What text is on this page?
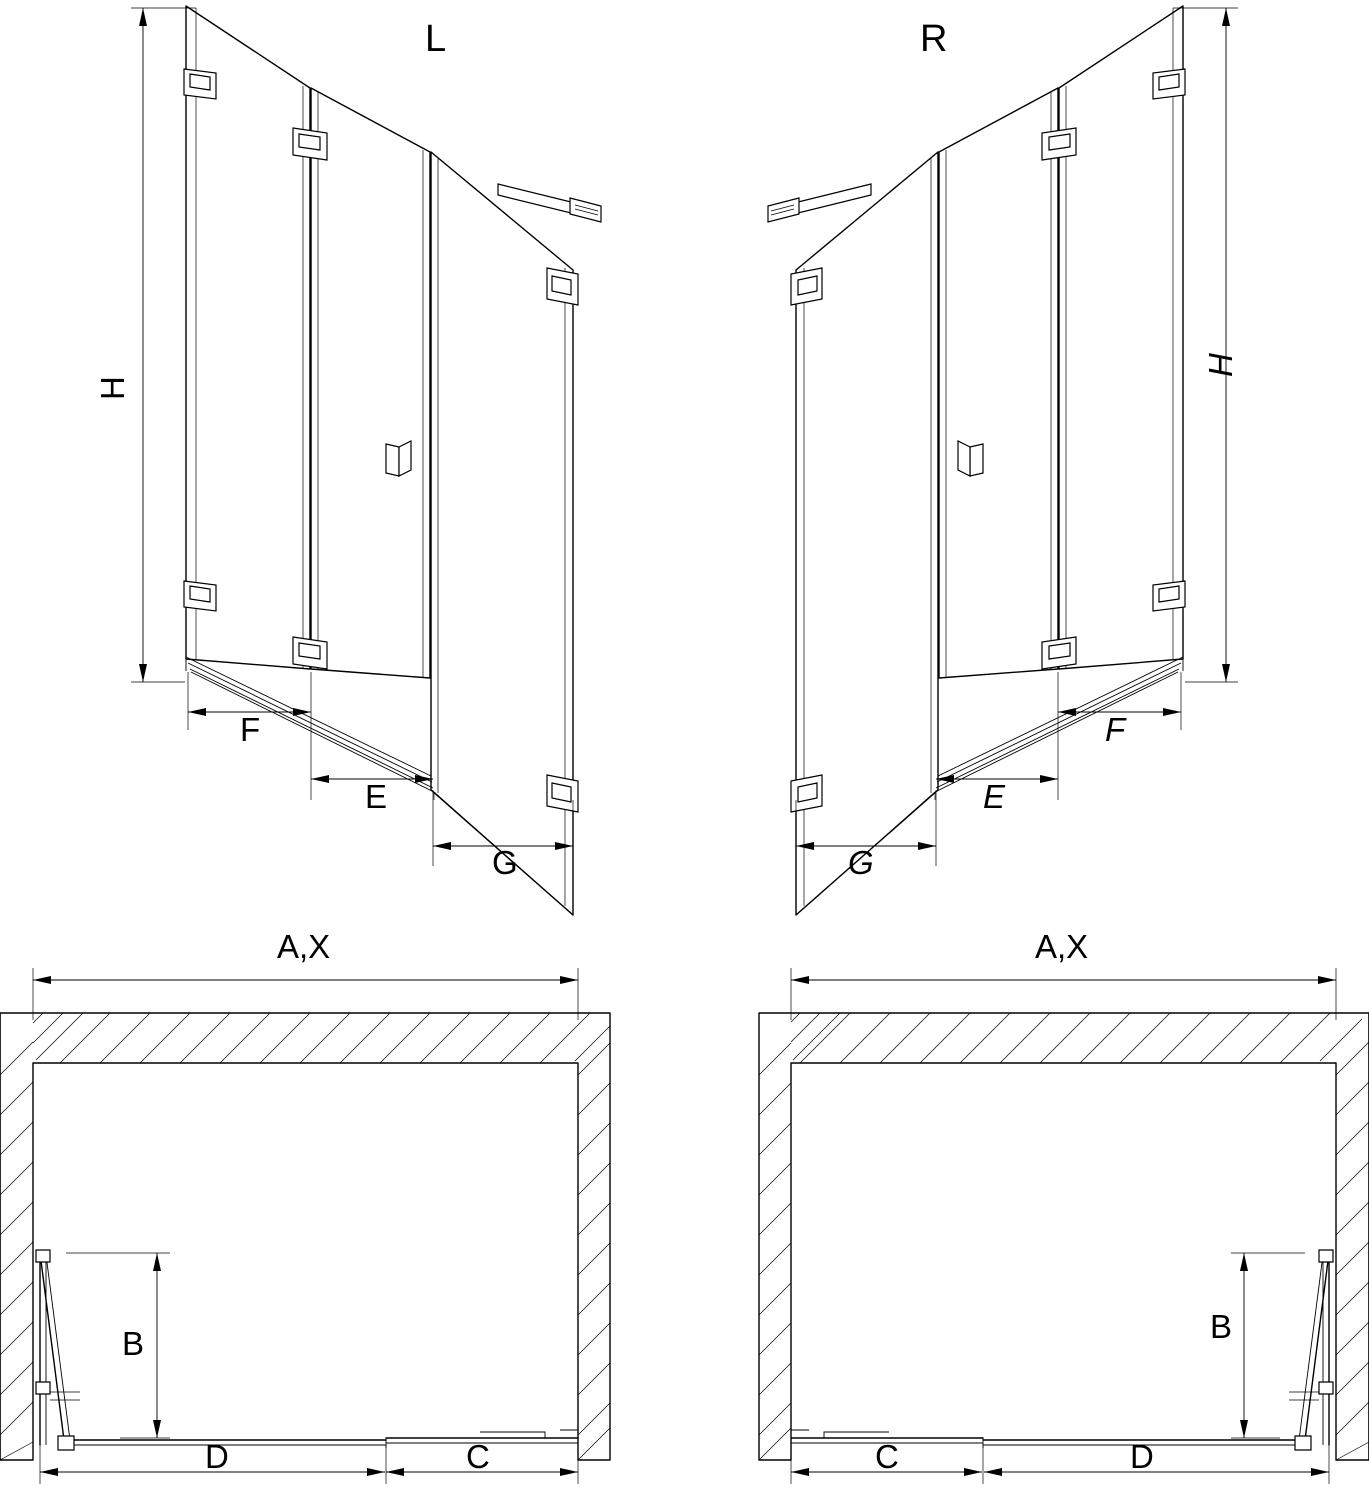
L	R
H
H
F
E
G
F
E
G
A,X	A,X
B	B
D	C	C	D
